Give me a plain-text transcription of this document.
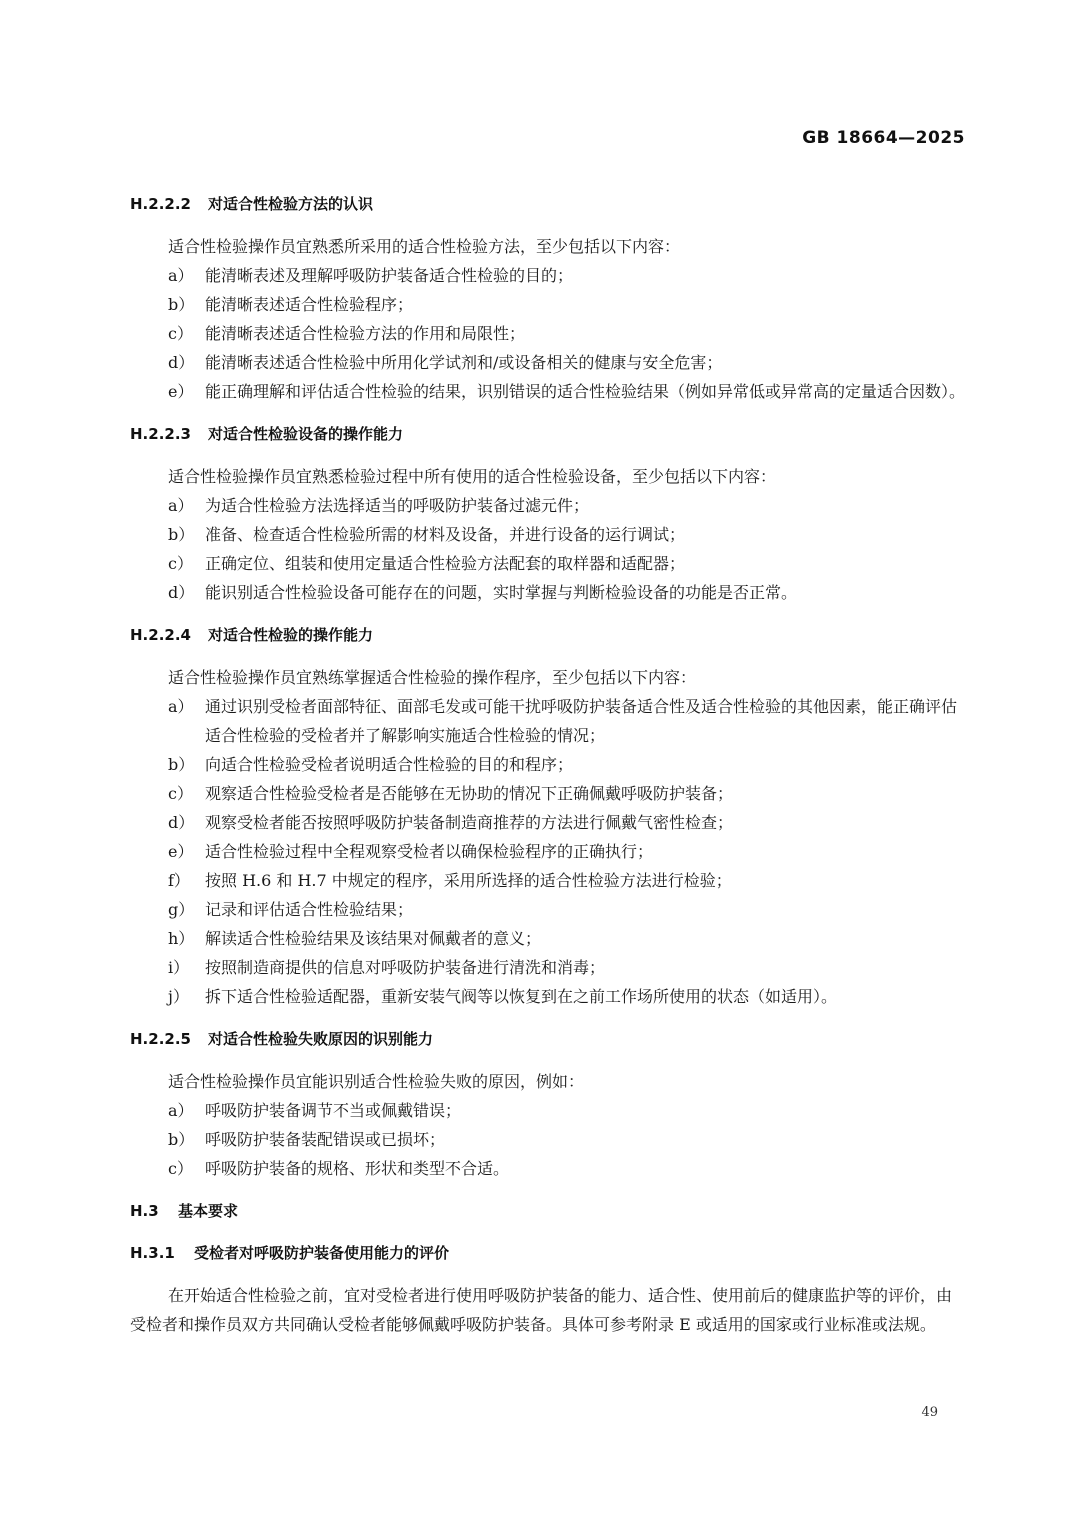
GB 18664—2025
H.2.2.2 对适合性检验方法的认识

适合性检验操作员宜熟悉所采用的适合性检验方法，至少包括以下内容：

a） 能清晰表述及理解呼吸防护装备适合性检验的目的；
b） 能清晰表述适合性检验程序；
c） 能清晰表述适合性检验方法的作用和局限性；
d） 能清晰表述适合性检验中所用化学试剂和/或设备相关的健康与安全危害；
e） 能正确理解和评估适合性检验的结果，识别错误的适合性检验结果（例如异常低或异常高的定量适合因数）。
H.2.2.3 对适合性检验设备的操作能力

适合性检验操作员宜熟悉检验过程中所有使用的适合性检验设备，至少包括以下内容：

a） 为适合性检验方法选择适当的呼吸防护装备过滤元件；
b） 准备、检查适合性检验所需的材料及设备，并进行设备的运行调试；
c） 正确定位、组装和使用定量适合性检验方法配套的取样器和适配器；
d） 能识别适合性检验设备可能存在的问题，实时掌握与判断检验设备的功能是否正常。
H.2.2.4 对适合性检验的操作能力

适合性检验操作员宜熟练掌握适合性检验的操作程序，至少包括以下内容：

a） 通过识别受检者面部特征、面部毛发或可能干扰呼吸防护装备适合性及适合性检验的其他因素，能正确评估适合性检验的受检者并了解影响实施适合性检验的情况；
b） 向适合性检验受检者说明适合性检验的目的和程序；
c） 观察适合性检验受检者是否能够在无协助的情况下正确佩戴呼吸防护装备；
d） 观察受检者能否按照呼吸防护装备制造商推荐的方法进行佩戴气密性检查；
e） 适合性检验过程中全程观察受检者以确保检验程序的正确执行；
f） 按照 H.6 和 H.7 中规定的程序，采用所选择的适合性检验方法进行检验；
g） 记录和评估适合性检验结果；
h） 解读适合性检验结果及该结果对佩戴者的意义；
i） 按照制造商提供的信息对呼吸防护装备进行清洗和消毒；
j）	拆下适合性检验适配器，重新安装气阀等以恢复到在之前工作场所使用的状态（如适用）。
H.2.2.5 对适合性检验失败原因的识别能力

适合性检验操作员宜能识别适合性检验失败的原因，例如：

a） 呼吸防护装备调节不当或佩戴错误；
b） 呼吸防护装备装配错误或已损坏；
c） 呼吸防护装备的规格、形状和类型不合适。
H.3 基本要求
H.3.1 受检者对呼吸防护装备使用能力的评价

在开始适合性检验之前，宜对受检者进行使用呼吸防护装备的能力、适合性、使用前后的健康监护等的评价，由受检者和操作员双方共同确认受检者能够佩戴呼吸防护装备。具体可参考附录 E 或适用的国家或行业标准或法规。

49
